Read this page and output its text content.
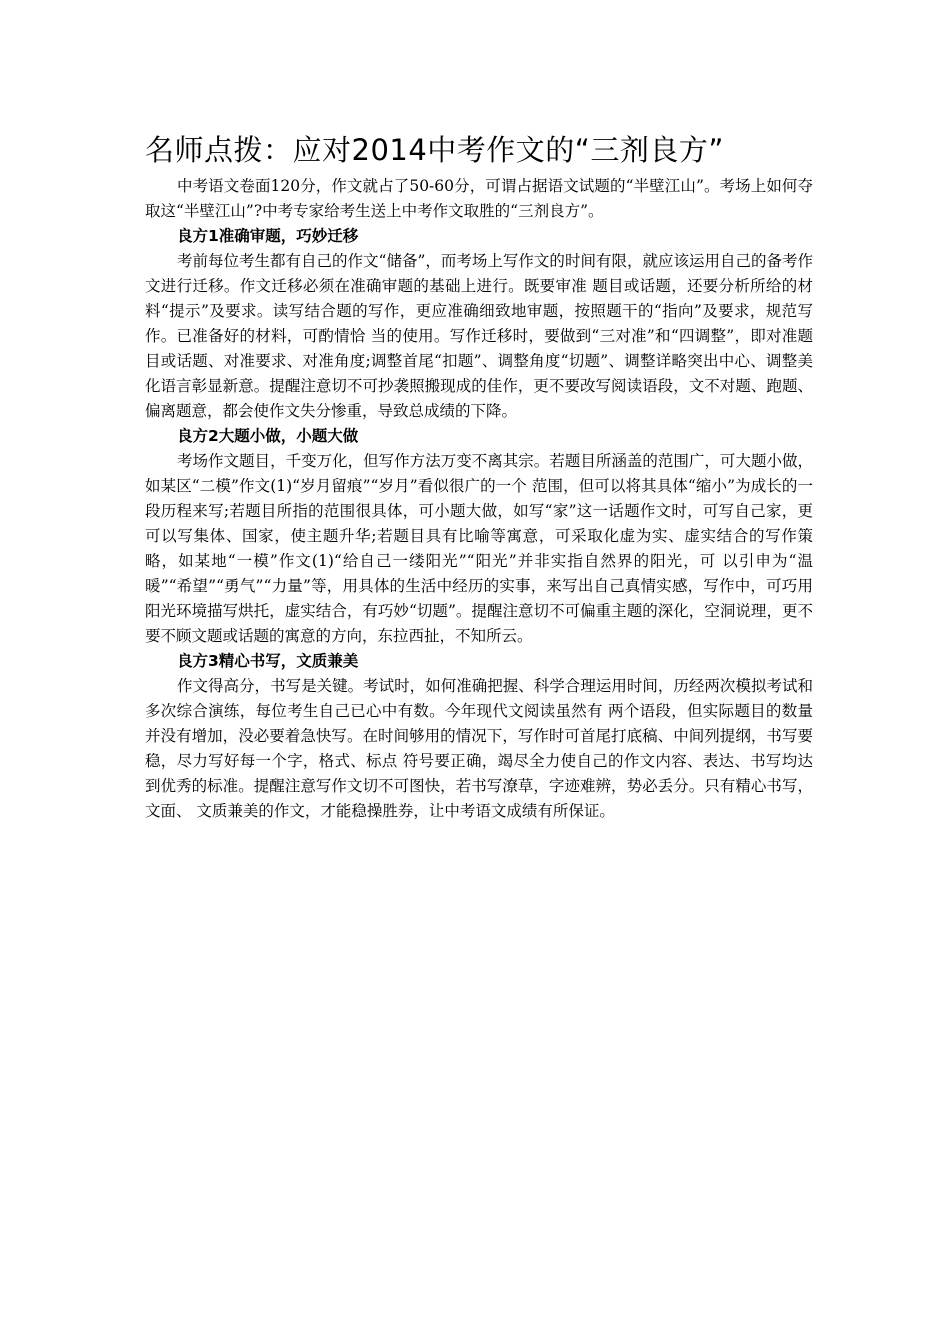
名师点拨：应对2014中考作文的“三剂良方”

中考语文卷面120分，作文就占了50-60分，可谓占据语文试题的“半壁江山”。考场上如何夺取这“半壁江山”?中考专家给考生送上中考作文取胜的“三剂良方”。

良方1准确审题，巧妙迁移

考前每位考生都有自己的作文“储备”，而考场上写作文的时间有限，就应该运用自己的备考作文进行迁移。作文迁移必须在准确审题的基础上进行。既要审准 题目或话题，还要分析所给的材料“提示”及要求。读写结合题的写作，更应准确细致地审题，按照题干的“指向”及要求，规范写作。已准备好的材料，可酌情恰 当的使用。写作迁移时，要做到“三对准”和“四调整”，即对准题目或话题、对准要求、对准角度;调整首尾“扣题”、调整角度“切题”、调整详略突出中心、调整美化语言彰显新意。提醒注意切不可抄袭照搬现成的佳作，更不要改写阅读语段，文不对题、跑题、偏离题意，都会使作文失分惨重，导致总成绩的下降。

良方2大题小做，小题大做

考场作文题目，千变万化，但写作方法万变不离其宗。若题目所涵盖的范围广，可大题小做，如某区“二模”作文(1)“岁月留痕”“岁月”看似很广的一个 范围，但可以将其具体“缩小”为成长的一段历程来写;若题目所指的范围很具体，可小题大做，如写“家”这一话题作文时，可写自己家，更可以写集体、国家，使主题升华;若题目具有比喻等寓意，可采取化虚为实、虚实结合的写作策略，如某地“一模”作文(1)“给自己一缕阳光”“阳光”并非实指自然界的阳光，可 以引申为“温暖”“希望”“勇气”“力量”等，用具体的生活中经历的实事，来写出自己真情实感，写作中，可巧用阳光环境描写烘托，虚实结合，有巧妙“切题”。提醒注意切不可偏重主题的深化，空洞说理，更不要不顾文题或话题的寓意的方向，东拉西扯，不知所云。

良方3精心书写，文质兼美

作文得高分，书写是关键。考试时，如何准确把握、科学合理运用时间，历经两次模拟考试和多次综合演练，每位考生自己已心中有数。今年现代文阅读虽然有 两个语段，但实际题目的数量并没有增加，没必要着急快写。在时间够用的情况下，写作时可首尾打底稿、中间列提纲，书写要稳，尽力写好每一个字，格式、标点 符号要正确，竭尽全力使自己的作文内容、表达、书写均达到优秀的标准。提醒注意写作文切不可图快，若书写潦草，字迹难辨，势必丢分。只有精心书写，文面、 文质兼美的作文，才能稳操胜券，让中考语文成绩有所保证。
